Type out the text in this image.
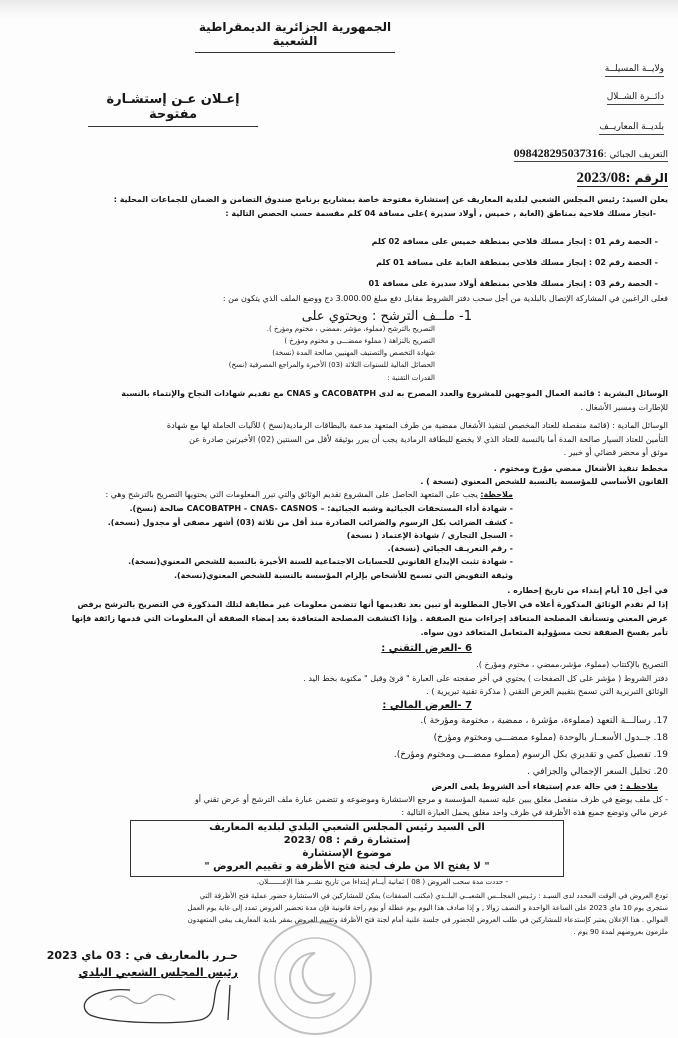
الجمهورية الجزائرية الديمقراطية الشعبية
ولايــة المسيلــة
دائــرة الشــلال
إعـلان عـن إستشـارة مفتوحة
بلديــة المعاريــف
التعريف الجبائي :098428295037316
الرقم :2023/08
يعلن السيد: رئيس المجلس الشعبي لبلدية المعاريف عن إستشارة مفتوحة خاصة بمشاريع برنامج صندوق التضامن و الضمان للجماعات المحلية :
-انجاز مسلك فلاحية بمناطق (الغابة , خميس , أولاد سديرة )على مسافة 04 كلم مقسمة حسب الحصص التالية :
- الحصة رقم 01 : إنجاز مسلك فلاحي بمنطقة خميس على مسافة 02 كلم
- الحصة رقم 02 : إنجاز مسلك فلاحي بمنطقة الغابة على مسافة 01 كلم
- الحصة رقم 03 : إنجاز مسلك فلاحي بمنطقة أولاد سديرة على مسافة 01
فعلى الراغبين في المشاركة الإتصال بالبلدية من أجل سحب دفتر الشروط مقابل دفع مبلغ 3.000.00 دج ووضع الملف الذي يتكون من :
1- ملــف الترشح : ويحتوي على
التصريح بالترشح (مملوء، مؤشر ،ممضي ، مختوم ومؤرخ ).
التصريح بالنزاهة ( مملوء ممضـــى و مختوم ومؤرخ )
شهادة التخصص والتصنيف المهنيين صالحة المدة (نسخة)
الحصائل المالية للسنوات الثلاثة (03) الأخيرة والمراجع المصرفية (نسخ)
القدرات التقنية :
الوسائل البشرية : قائمة العمال الموجهين للمشروع والعدد المصرح به لدى CACOBATPH و CNAS مع تقديم شهادات النجاح والإنتماء بالنسبة
للإطارات ومسير الأشغال .
الوسائل المادية : (قائمة منفصلة للعتاد المخصص لتنفيذ الأشغال ممضية من طرف المتعهد مدعمة بالبطاقات الرمادية(نسخ ) للآليات الحاملة لها مع شهادة
التأمين للعتاد السيار صالحة المدة أما بالنسبة للعتاد الذي لا يخضع للبطاقة الرمادية يجب أن يبرر بوثيقة لأقل من السنتين (02) الأخيرتين صادرة عن
موثق أو محضر قضائي أو خبير .
مخطط تنفيذ الأشغال ممضي مؤرخ ومختوم .
القانون الأساسي للمؤسسة بالنسبة للشخص المعنوي (نسخة ) .
ملاحظة: يجب على المتعهد الحاصل على المشروع تقديم الوثائق والتي تبرر المعلومات التي يحتويها التصريح بالترشح وهي :
- شهادة أداء المستحقات الجبائية وشبه الجبائية: – CACOBATPH - CNAS- CASNOS صالحة (نسخ).
- كشف الضرائب بكل الرسوم والضرائب الصادرة منذ أقل من ثلاثة (03) أشهر مصفى أو مجدول (نسخة).
- السجل التجاري / شهادة الإعتماد ( نسخة)
- رقم التعريـف الجبائي (نسخة).
- شهادة تثبت الإيداع القانوني للحسابات الاجتماعية للسنة الأخيرة بالنسبة للشخص المعنوي(نسخة).
وثيقة التفويض التي تسمح للأشخاص بإلزام المؤسسة بالنسبة للشخص المعنوي(نسخة).
في أجل 10 أيام إبتداء من تاريخ إخطاره .
إذا لم تقدم الوثائق المذكورة أعلاه في الأجال المطلوبة أو تبين بعد تقديمها أنها تتضمن معلومات غير مطابقة لتلك المذكورة في التصريح بالترشح يرفض
عرض المعني وتستأنف المصلحة المتعاقد إجراءات منح الصفقة . وإذا اكتشفت المصلحة المتعاقدة بعد إمضاء الصفقة أن المعلومات التي قدمها زائفة فإنها
تأمر بفسخ الصفقة تحت مسؤولية المتعامل المتعاقد دون سواه.
6 -العرض التقني :
التصريح بالإكتتاب (مملوء، مؤشر،ممضي ، مختوم ومؤرخ ).
دفتر الشروط ( مؤشر على كل الصفحات ) يحتوي في أخر صفحته على العبارة " قرئ وقبل " مكتوبة بخط اليد .
الوثائق التبريرية التي تسمح بتقييم العرض التقني ( مذكرة تقنية تبريرية ) .
7 -العرض المالي :
17. رسالـــة التعهد (مملوءة، مؤشرة ، ممضية ، مختومة ومؤرخة ).
18. جــدول الأسعــار بالوحدة (مملوء ممضـــى ومختوم ومؤرخ)
19. تفصيل كمي و تقديري بكل الرسوم (مملوء ممضـــى ومختوم ومؤرخ).
20. تحليل السعر الإجمالي والجزافي .
ملاحظـة : في حالة عدم إستيفاء أحد الشروط يلغى العرض
- كل ملف يوضع في ظرف منفصل مغلق يبين عليه تسمية المؤسسة و مرجع الاستشارة وموضوعه و تتضمن عبارة ملف الترشح أو عرض تقني أو
عرض مالي وتوضع جميع هذه الأظرفة في ظرف واحد مغلق يحمل العبارة التالية :
الى السيد رئيس المجلس الشعبي البلدي لبلديه المعاريف
إستشارة رقم : 08 /2023
موضوع الإستشارة
" لا يفتح الا من طرف لجنة فتح الأظرفة و تقييم العروض "
- حددت مدة سحب العروض ( 08 ) ثمانية أيــام إبتداءا من تاريخ نشــر هذا الإعـــــــلان.
تودع العروض في الوقت المحدد لدى السيـد : رئـيس المجلــس الشعبــي البلــدي (مكتب الصفقات) يمكن للمشاركين في الاستشارة حضور عملية فتح الأظرفة التي
ستجرى يوم 10 ماي 2023 على الساعة الواحدة و النصف زوالا , و إذا صادف هذا اليوم يوم عطلة أو يوم راحة قانونية فإن مدة تحضير العروض تمدد إلى غاية يوم العمل
الموالي . هذا الإعلان يعتبر كإستدعاء للمشاركين في طلب العروض للحضور في جلسة علنية أمام لجنة فتح الأظرفة وتقييم العروض بمقر بلدية المعاريف يبقى المتعهدون
ملزمون بعروضهم لمدة 90 يوم .
حـرر بالمعاريف في : 03 ماي 2023
رئيس المجلس الشعبي البلدي
